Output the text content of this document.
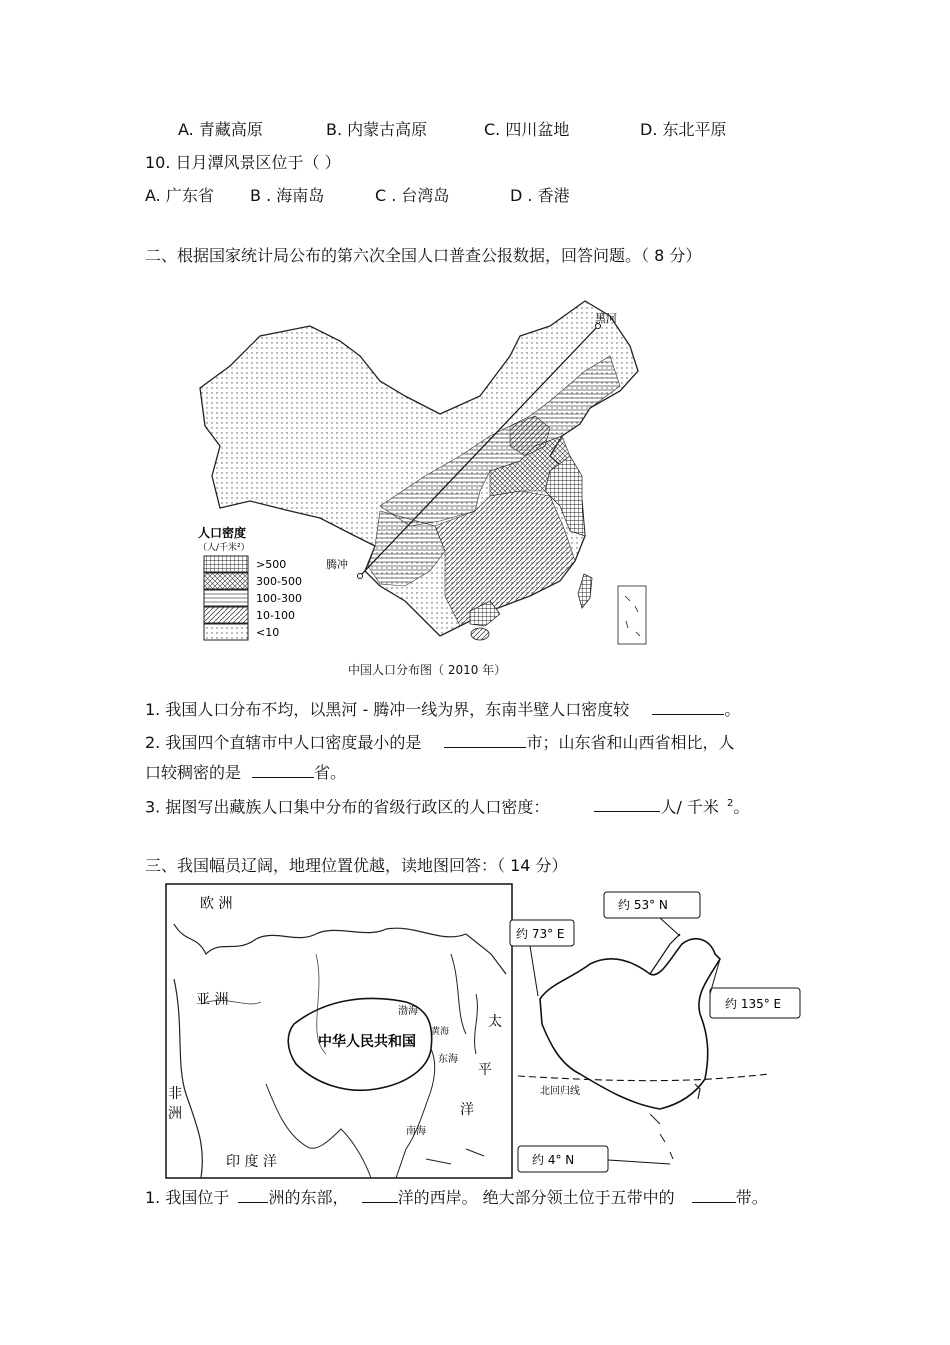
A. 青藏高原	B. 内蒙古高原	C. 四川盆地	D. 东北平原
10. 日月潭风景区位于（ ）
A. 广东省 B . 海南岛	C . 台湾岛	D . 香港
二、根据国家统计局公布的第六次全国人口普查公报数据，回答问题。（ 8 分）
黑河
腾冲
人口密度
（人/千米²）
>500
300-500
100-300
10-100
<10
中国人口分布图（ 2010 年）
1. 我国人口分布不均，以黑河 - 腾冲一线为界，东南半壁人口密度较	。
2. 我国四个直辖市中人口密度最小的是	市；山东省和山西省相比，人
口较稠密的是	省。
3. 据图写出藏族人口集中分布的省级行政区的人口密度：	人/ 千米 $^2$。
三、我国幅员辽阔，地理位置优越，读地图回答：（ 14 分）
欧 洲
亚 洲
中华人民共和国
非
洲
印 度 洋
太
平
洋
渤海
黄海
东海
南海
北回归线
约 53° N
约 73° E
约 135° E
约 4° N
1. 我国位于 洲的东部，	洋的西岸。 绝大部分领土位于五带中的	带。
